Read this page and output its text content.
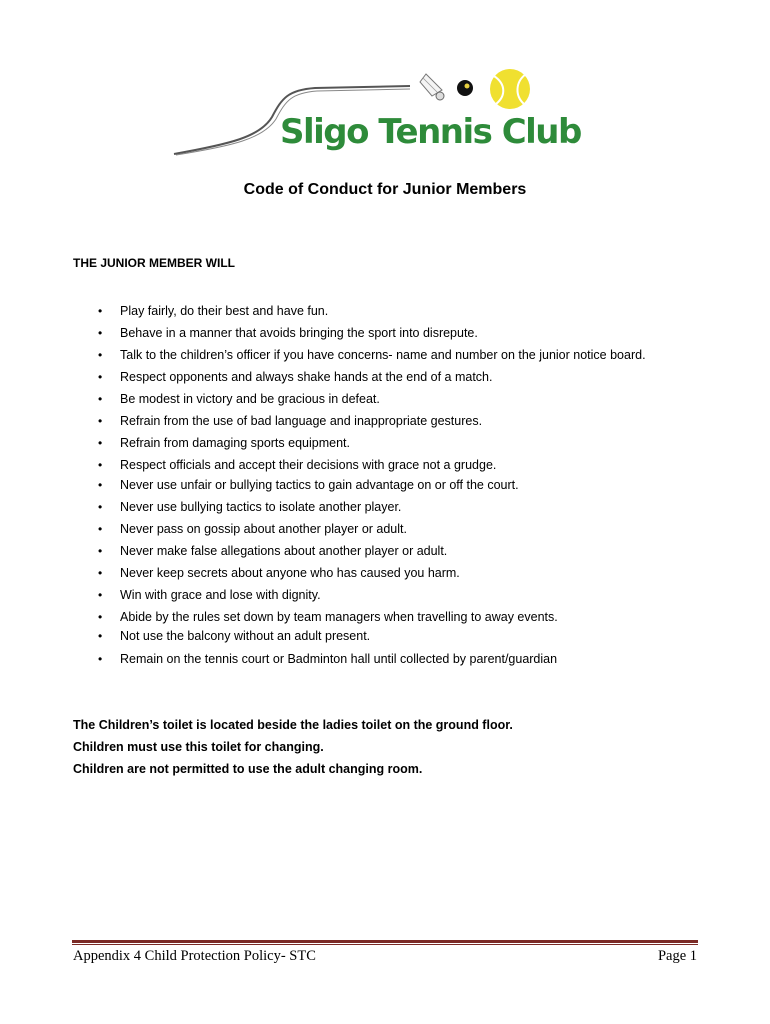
Sligo Tennis Club
Code of Conduct for Junior Members
THE JUNIOR MEMBER WILL
• Play fairly, do their best and have fun.
• Behave in a manner that avoids bringing the sport into disrepute.
• Talk to the children’s officer if you have concerns- name and number on the junior notice board.
• Respect opponents and always shake hands at the end of a match.
• Be modest in victory and be gracious in defeat.
• Refrain from the use of bad language and inappropriate gestures.
• Refrain from damaging sports equipment.
• Respect officials and accept their decisions with grace not a grudge.
• Never use unfair or bullying tactics to gain advantage on or off the court.
• Never use bullying tactics to isolate another player.
• Never pass on gossip about another player or adult.
• Never make false allegations about another player or adult.
• Never keep secrets about anyone who has caused you harm.
• Win with grace and lose with dignity.
• Abide by the rules set down by team managers when travelling to away events.
• Not use the balcony without an adult present.
• Remain on the tennis court or Badminton hall until collected by parent/guardian
The Children’s toilet is located beside the ladies toilet on the ground floor.
Children must use this toilet for changing.
Children are not permitted to use the adult changing room.
Appendix 4 Child Protection Policy- STC	Page 1
